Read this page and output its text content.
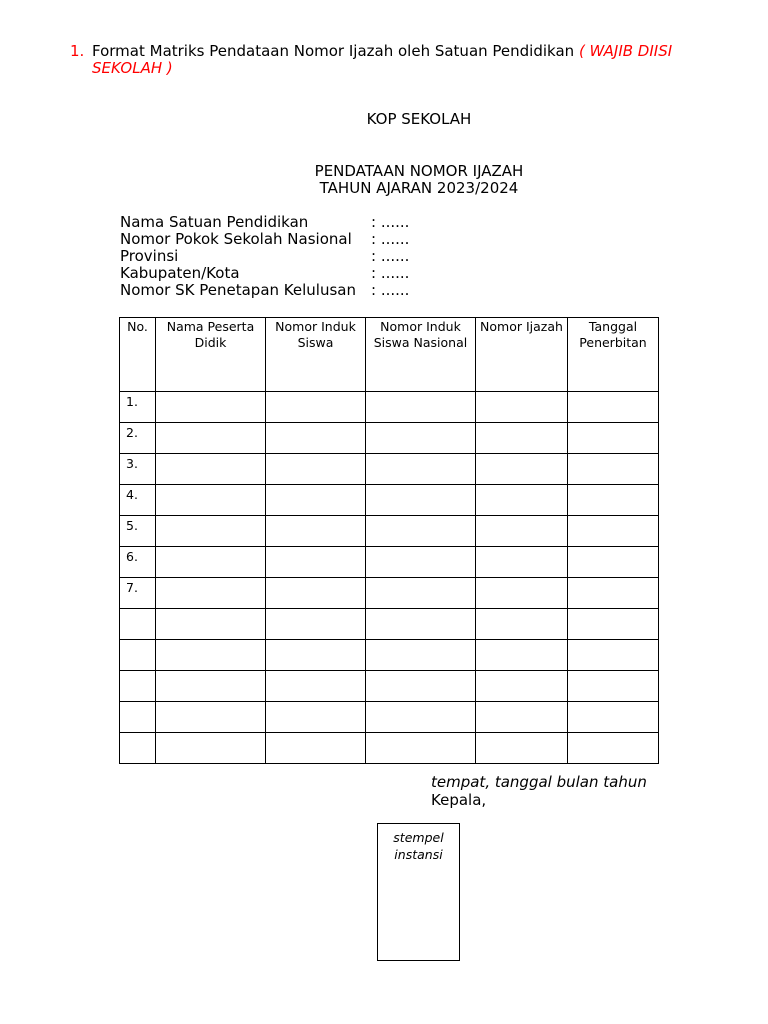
1. Format Matriks Pendataan Nomor Ijazah oleh Satuan Pendidikan ( WAJIB DIISI SEKOLAH )
KOP SEKOLAH
PENDATAAN NOMOR IJAZAH
TAHUN AJARAN 2023/2024
Nama Satuan Pendidikan	: ......
Nomor Pokok Sekolah Nasional : ......
Provinsi	: ......
Kabupaten/Kota	: ......
Nomor SK Penetapan Kelulusan : ......
No.	Nama Peserta Didik	Nomor Induk Siswa	Nomor Induk Siswa Nasional	Nomor Ijazah	Tanggal Penerbitan
1.					
2.					
3.					
4.					
5.					
6.					
7.					

tempat, tanggal bulan tahun
Kepala,
stempel instansi
